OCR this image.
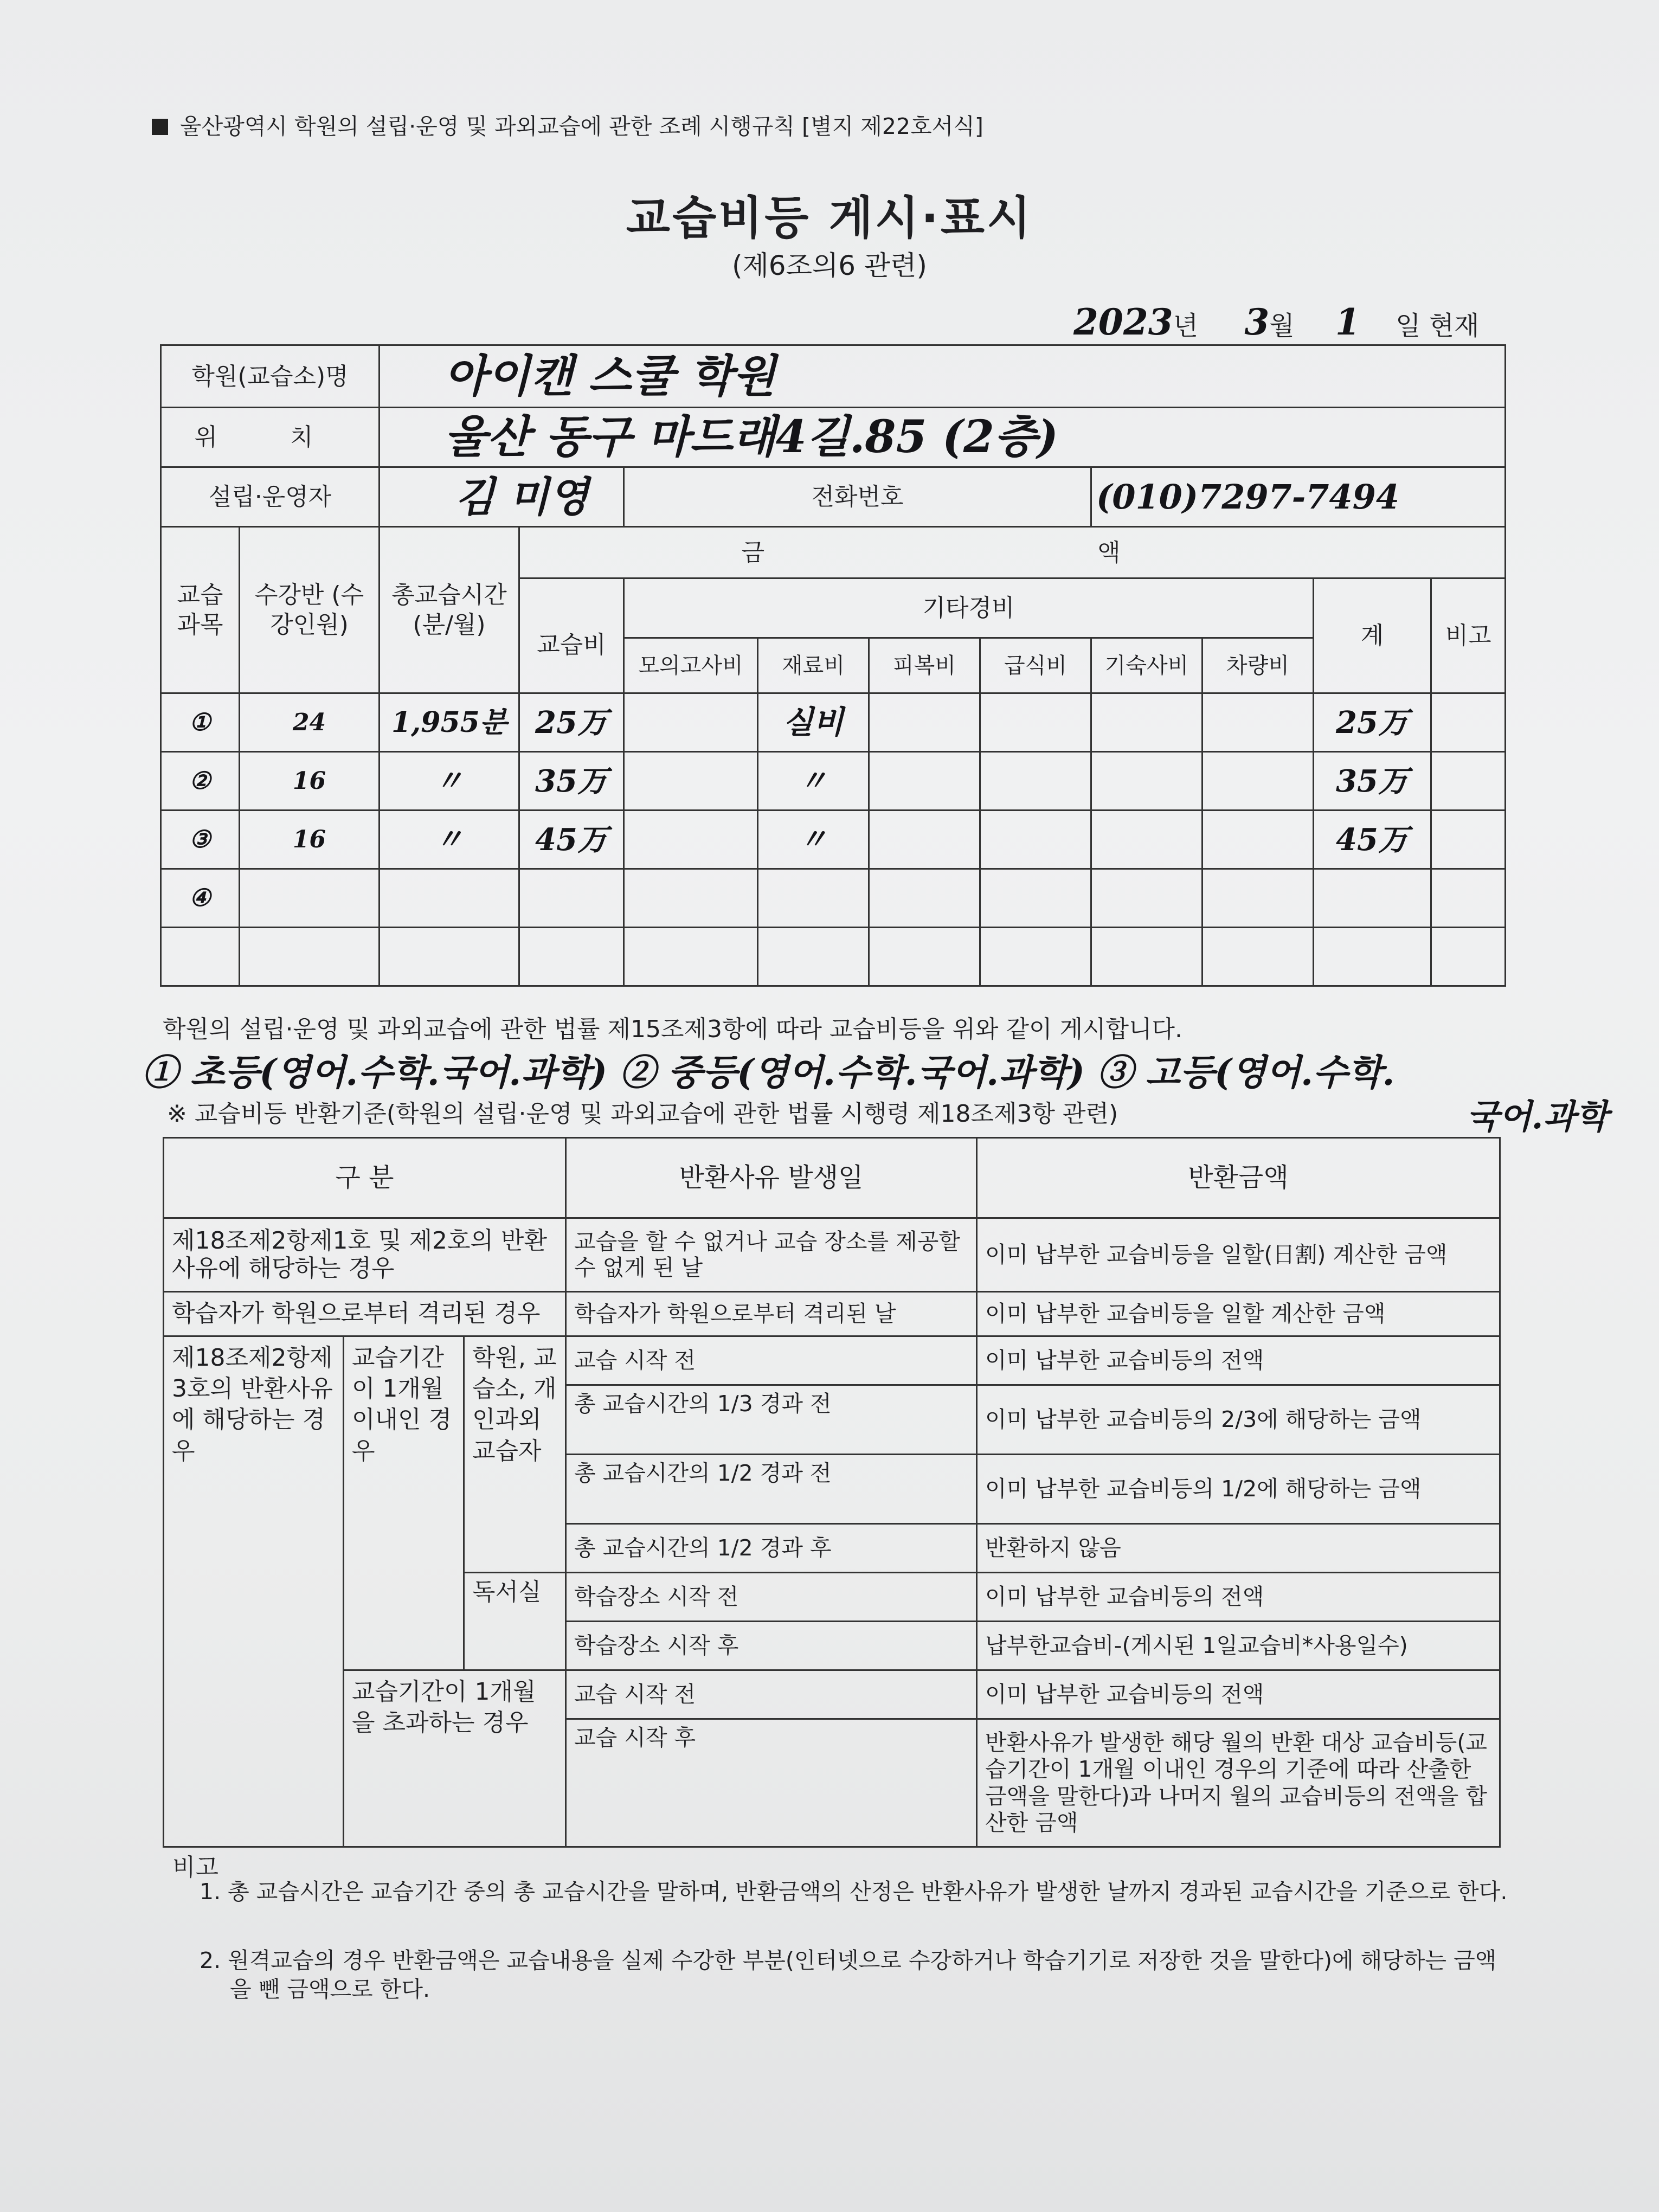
울산광역시 학원의 설립·운영 및 과외교습에 관한 조례 시행규칙 [별지 제22호서식]
교습비등 게시·표시
(제6조의6 관련)
2023년 3월 1 일 현재
학원(교습소)명		아이캔 스쿨 학원									
위 치		울산 동구 마드래4길.85 (2층)									
설립·운영자		김 미영		전화번호				(010)7297-7494			
교습 과목	수강반 (수강인원)	총교습시간 (분/월)	금 액								
			교습비	기타경비						계	비고
				모의고사비	재료비	피복비	급식비	기숙사비	차량비		
①	24	1,955분	25万		실비					25万	
②	16	〃	35万		〃					35万	
③	16	〃	45万		〃					45万	
④											

학원의 설립·운영 및 과외교습에 관한 법률 제15조제3항에 따라 교습비등을 위와 같이 게시합니다.
① 초등(영어.수학.국어.과학) ② 중등(영어.수학.국어.과학) ③ 고등(영어.수학.
국어.과학
※ 교습비등 반환기준(학원의 설립·운영 및 과외교습에 관한 법률 시행령 제18조제3항 관련)
구 분			반환사유 발생일	반환금액
제18조제2항제1호 및 제2호의 반환사유에 해당하는 경우			교습을 할 수 없거나 교습 장소를 제공할 수 없게 된 날	이미 납부한 교습비등을 일할(日割) 계산한 금액
학습자가 학원으로부터 격리된 경우			학습자가 학원으로부터 격리된 날	이미 납부한 교습비등을 일할 계산한 금액
제18조제2항제3호의 반환사유에 해당하는 경우	교습기간이 1개월 이내인 경우	학원, 교습소, 개인과외교습자	교습 시작 전	이미 납부한 교습비등의 전액
			총 교습시간의 1/3 경과 전	이미 납부한 교습비등의 2/3에 해당하는 금액
			총 교습시간의 1/2 경과 전	이미 납부한 교습비등의 1/2에 해당하는 금액
			총 교습시간의 1/2 경과 후	반환하지 않음
		독서실	학습장소 시작 전	이미 납부한 교습비등의 전액
			학습장소 시작 후	납부한교습비-(게시된 1일교습비*사용일수)
	교습기간이 1개월을 초과하는 경우		교습 시작 전	이미 납부한 교습비등의 전액
			교습 시작 후	반환사유가 발생한 해당 월의 반환 대상 교습비등(교습기간이 1개월 이내인 경우의 기준에 따라 산출한 금액을 말한다)과 나머지 월의 교습비등의 전액을 합산한 금액
비고
1. 총 교습시간은 교습기간 중의 총 교습시간을 말하며, 반환금액의 산정은 반환사유가 발생한 날까지 경과된 교습시간을 기준으로 한다.
2. 원격교습의 경우 반환금액은 교습내용을 실제 수강한 부분(인터넷으로 수강하거나 학습기기로 저장한 것을 말한다)에 해당하는 금액을 뺀 금액으로 한다.
